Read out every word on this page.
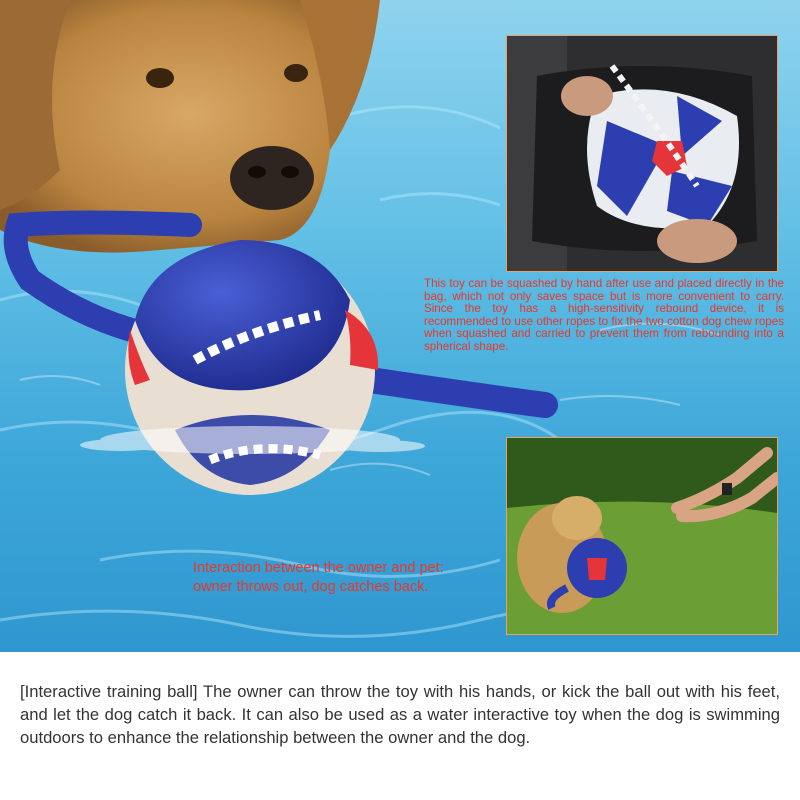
This toy can be squashed by hand after use and placed directly in the bag, which not only saves space but is more convenient to carry. Since the toy has a high-sensitivity rebound device, it is recommended to use other ropes to fix the two cotton dog chew ropes when squashed and carried to prevent them from rebounding into a spherical shape.
Interaction between the owner and pet:
owner throws out, dog catches back.
[Interactive training ball] The owner can throw the toy with his hands, or kick the ball out with his feet, and let the dog catch it back. It can also be used as a water interactive toy when the dog is swimming outdoors to enhance the relationship between the owner and the dog.
